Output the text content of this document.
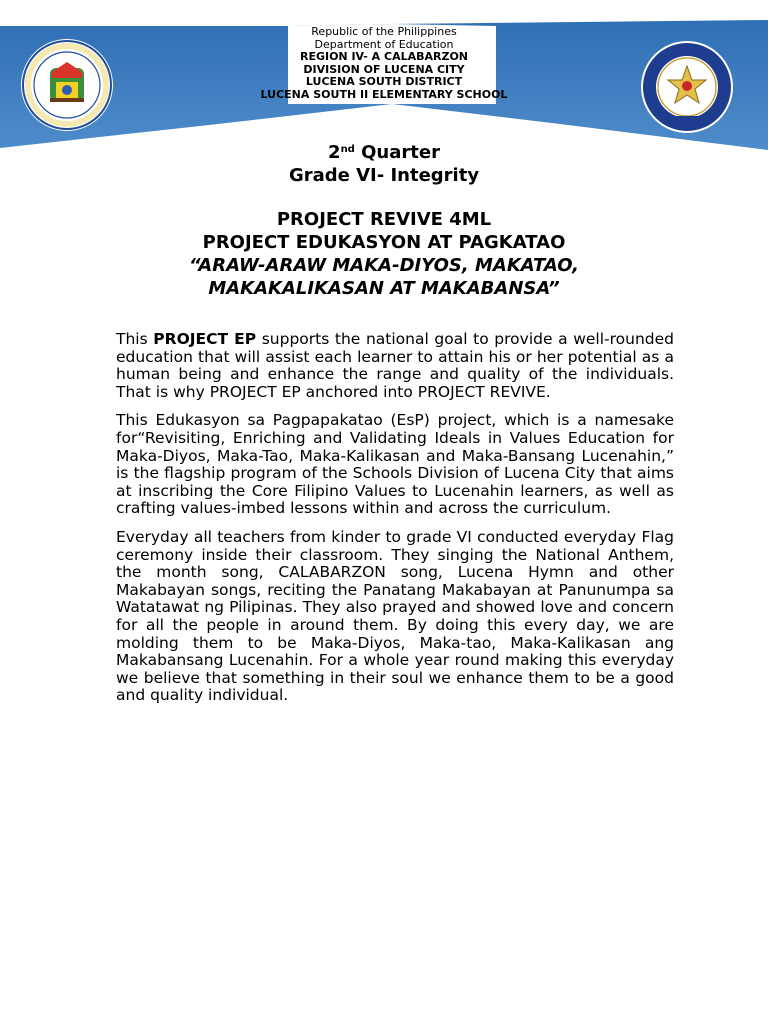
Republic of the Philippines
Department of Education
REGION IV- A CALABARZON
DIVISION OF LUCENA CITY
LUCENA SOUTH DISTRICT
LUCENA SOUTH II ELEMENTARY SCHOOL
2nd Quarter
Grade VI- Integrity
PROJECT REVIVE 4ML
PROJECT EDUKASYON AT PAGKATAO
“ARAW-ARAW MAKA-DIYOS, MAKATAO,
MAKAKALIKASAN AT MAKABANSA”

This PROJECT EP supports the national goal to provide a well-rounded education that will assist each learner to attain his or her potential as a human being and enhance the range and quality of the individuals. That is why PROJECT EP anchored into PROJECT REVIVE.

This Edukasyon sa Pagpapakatao (EsP) project, which is a namesake for“Revisiting, Enriching and Validating Ideals in Values Education for Maka-Diyos, Maka-Tao, Maka-Kalikasan and Maka-Bansang Lucenahin,” is the flagship program of the Schools Division of Lucena City that aims at inscribing the Core Filipino Values to Lucenahin learners, as well as crafting values-imbed lessons within and across the curriculum.

Everyday all teachers from kinder to grade VI conducted everyday Flag ceremony inside their classroom. They singing the National Anthem, the month song, CALABARZON song, Lucena Hymn and other Makabayan songs, reciting the Panatang Makabayan at Panunumpa sa Watatawat ng Pilipinas. They also prayed and showed love and concern for all the people in around them. By doing this every day, we are molding them to be Maka-Diyos, Maka-tao, Maka-Kalikasan ang Makabansang Lucenahin. For a whole year round making this everyday we believe that something in their soul we enhance them to be a good and quality individual.
